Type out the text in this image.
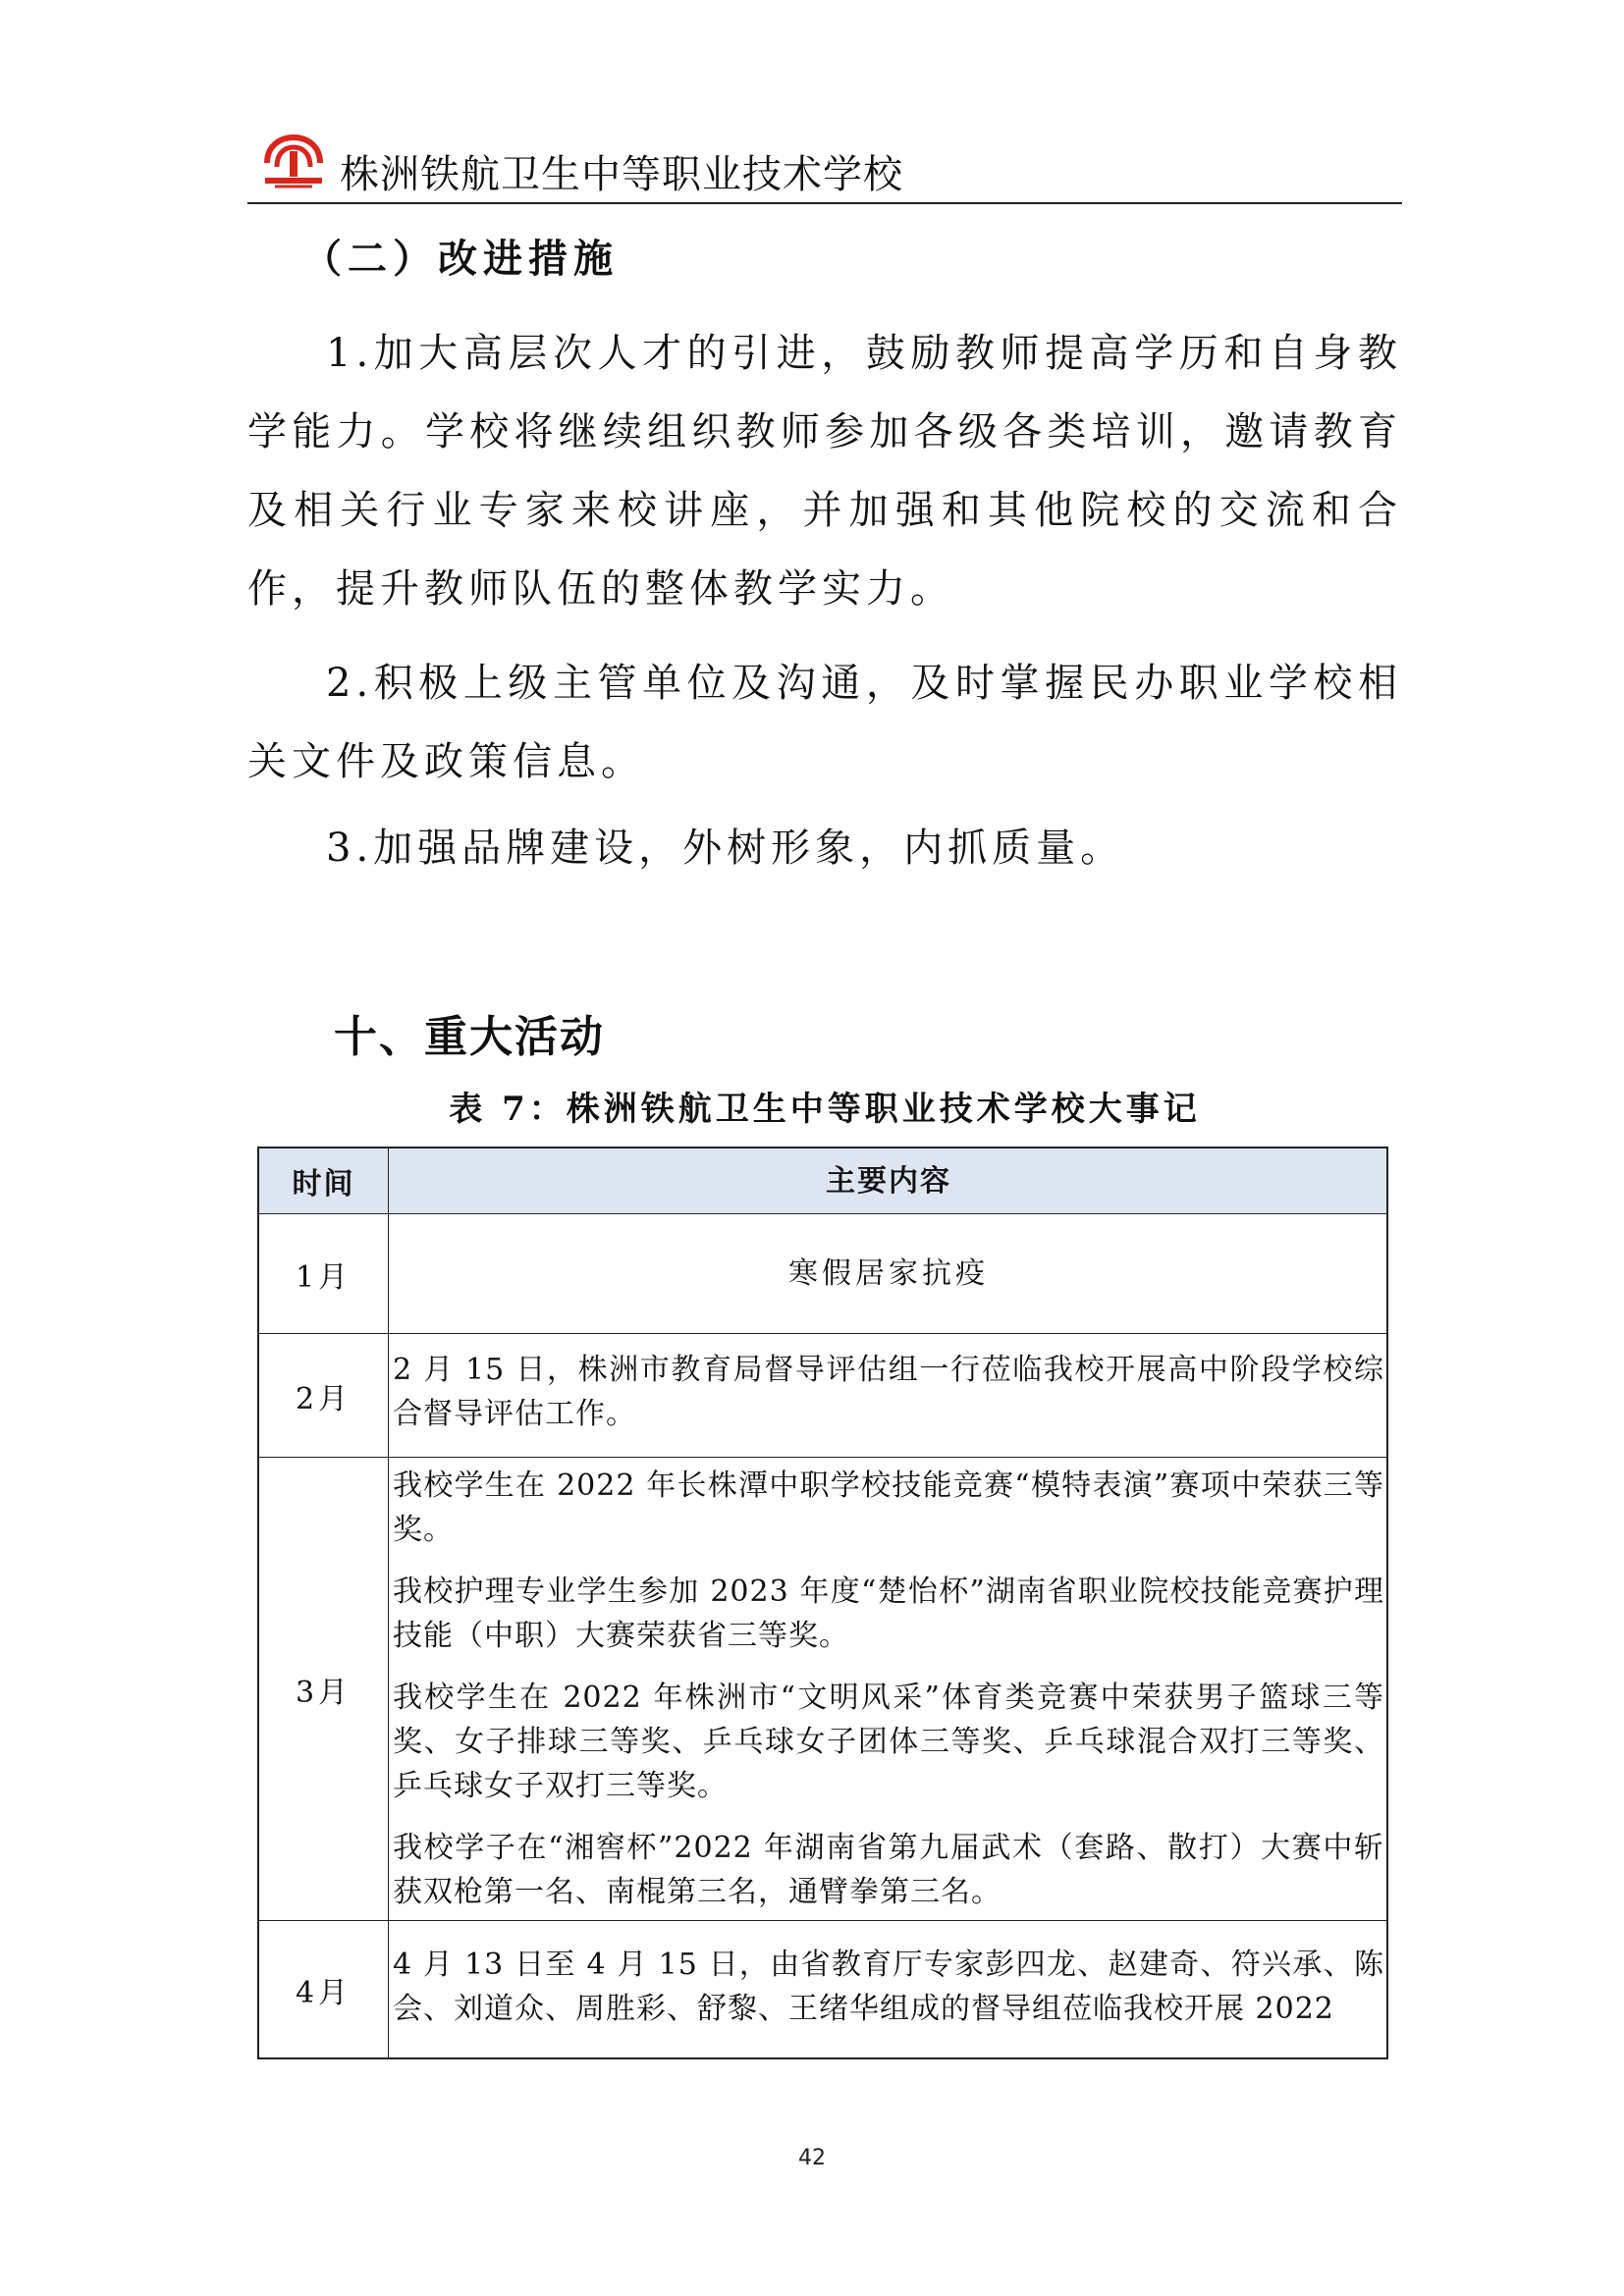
株洲铁航卫生中等职业技术学校
（二）改进措施
1.加大高层次人才的引进，鼓励教师提高学历和自身教学能力。学校将继续组织教师参加各级各类培训，邀请教育及相关行业专家来校讲座，并加强和其他院校的交流和合作，提升教师队伍的整体教学实力。
2.积极上级主管单位及沟通，及时掌握民办职业学校相关文件及政策信息。
3.加强品牌建设，外树形象，内抓质量。
十、重大活动
表 7：株洲铁航卫生中等职业技术学校大事记
时间	主要内容
1月	寒假居家抗疫
2月
2 月 15 日，株洲市教育局督导评估组一行莅临我校开展高中阶段学校综合督导评估工作。
3月
我校学生在 2022 年长株潭中职学校技能竞赛“模特表演”赛项中荣获三等奖。
我校护理专业学生参加 2023 年度“楚怡杯”湖南省职业院校技能竞赛护理技能（中职）大赛荣获省三等奖。
我校学生在 2022 年株洲市“文明风采”体育类竞赛中荣获男子篮球三等奖、女子排球三等奖、乒乓球女子团体三等奖、乒乓球混合双打三等奖、乒乓球女子双打三等奖。
我校学子在“湘窖杯”2022 年湖南省第九届武术（套路、散打）大赛中斩获双枪第一名、南棍第三名，通臂拳第三名。
4月
4 月 13 日至 4 月 15 日，由省教育厅专家彭四龙、赵建奇、符兴承、陈会、刘道众、周胜彩、舒黎、王绪华组成的督导组莅临我校开展 2022
42
